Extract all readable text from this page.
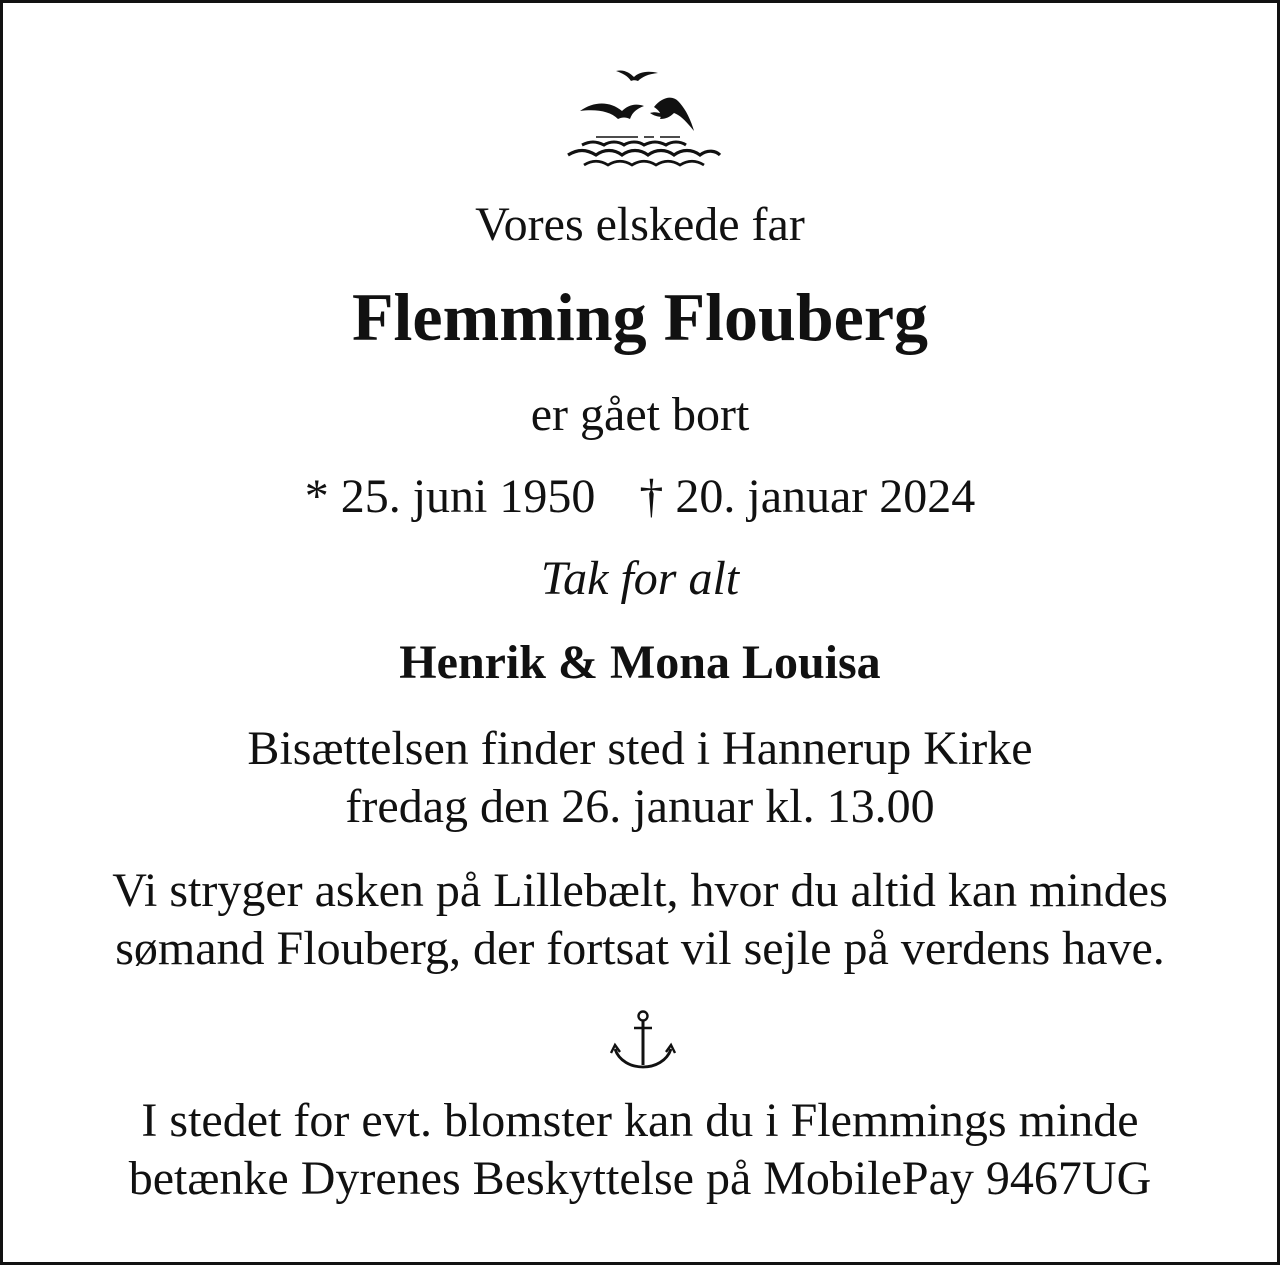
Vores elskede far
Flemming Flouberg
er gået bort
* 25. juni 1950 † 20. januar 2024
Tak for alt
Henrik & Mona Louisa
Bisættelsen finder sted i Hannerup Kirke
fredag den 26. januar kl. 13.00
Vi stryger asken på Lillebælt, hvor du altid kan mindes
sømand Flouberg, der fortsat vil sejle på verdens have.
I stedet for evt. blomster kan du i Flemmings minde
betænke Dyrenes Beskyttelse på MobilePay 9467UG
